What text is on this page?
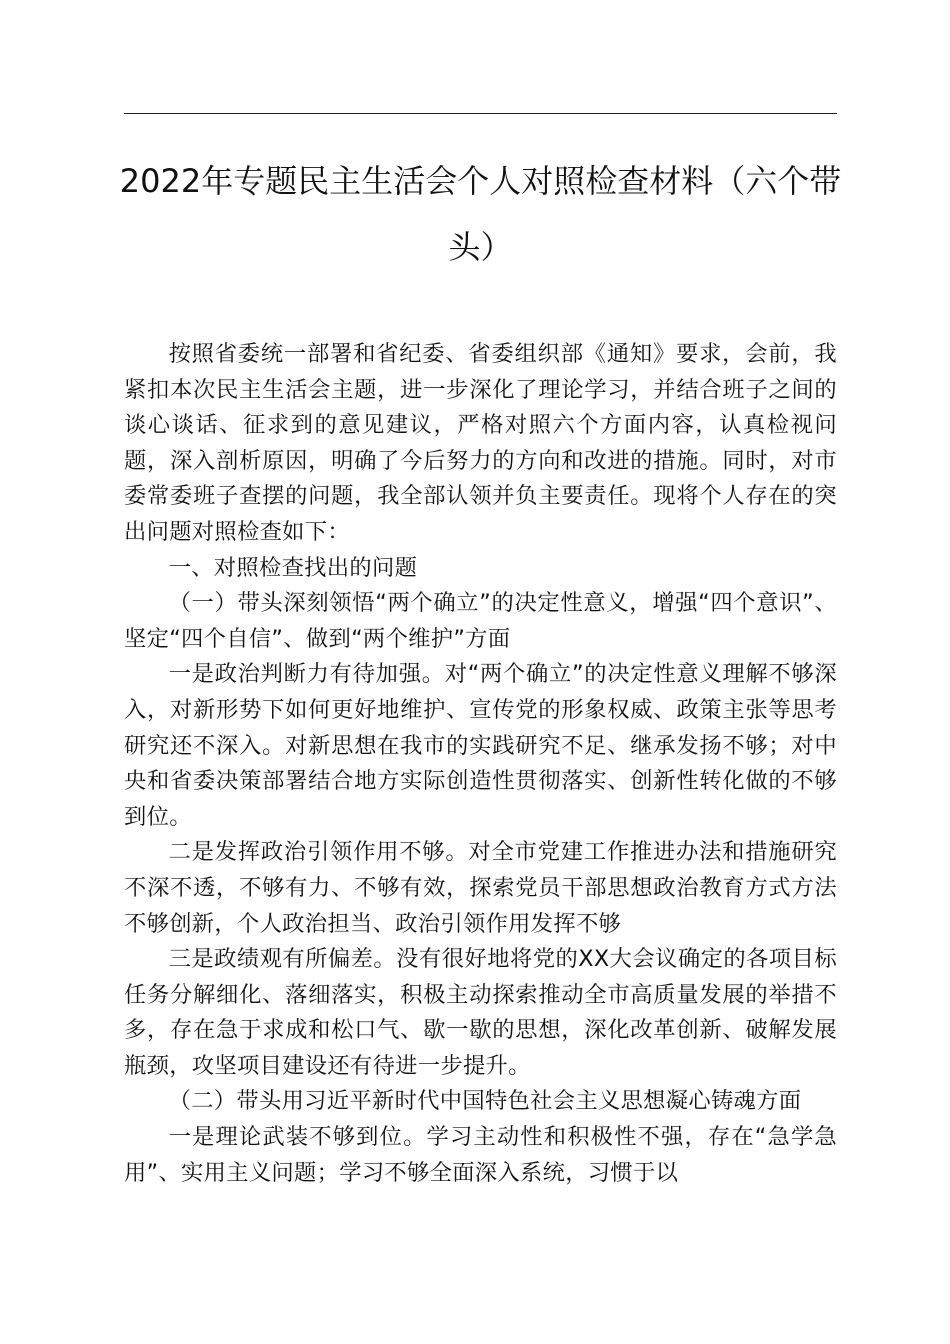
2022年专题民主生活会个人对照检查材料（六个带头）

按照省委统一部署和省纪委、省委组织部《通知》要求，会前，我紧扣本次民主生活会主题，进一步深化了理论学习，并结合班子之间的谈心谈话、征求到的意见建议，严格对照六个方面内容，认真检视问题，深入剖析原因，明确了今后努力的方向和改进的措施。同时，对市委常委班子查摆的问题，我全部认领并负主要责任。现将个人存在的突出问题对照检查如下：

一、对照检查找出的问题

（一）带头深刻领悟“两个确立”的决定性意义，增强“四个意识”、坚定“四个自信”、做到“两个维护”方面

一是政治判断力有待加强。对“两个确立”的决定性意义理解不够深入，对新形势下如何更好地维护、宣传党的形象权威、政策主张等思考研究还不深入。对新思想在我市的实践研究不足、继承发扬不够；对中央和省委决策部署结合地方实际创造性贯彻落实、创新性转化做的不够到位。

二是发挥政治引领作用不够。对全市党建工作推进办法和措施研究不深不透，不够有力、不够有效，探索党员干部思想政治教育方式方法不够创新，个人政治担当、政治引领作用发挥不够

三是政绩观有所偏差。没有很好地将党的XX大会议确定的各项目标任务分解细化、落细落实，积极主动探索推动全市高质量发展的举措不多，存在急于求成和松口气、歇一歇的思想，深化改革创新、破解发展瓶颈，攻坚项目建设还有待进一步提升。

（二）带头用习近平新时代中国特色社会主义思想凝心铸魂方面

一是理论武装不够到位。学习主动性和积极性不强，存在“急学急用”、实用主义问题；学习不够全面深入系统，习惯于以
